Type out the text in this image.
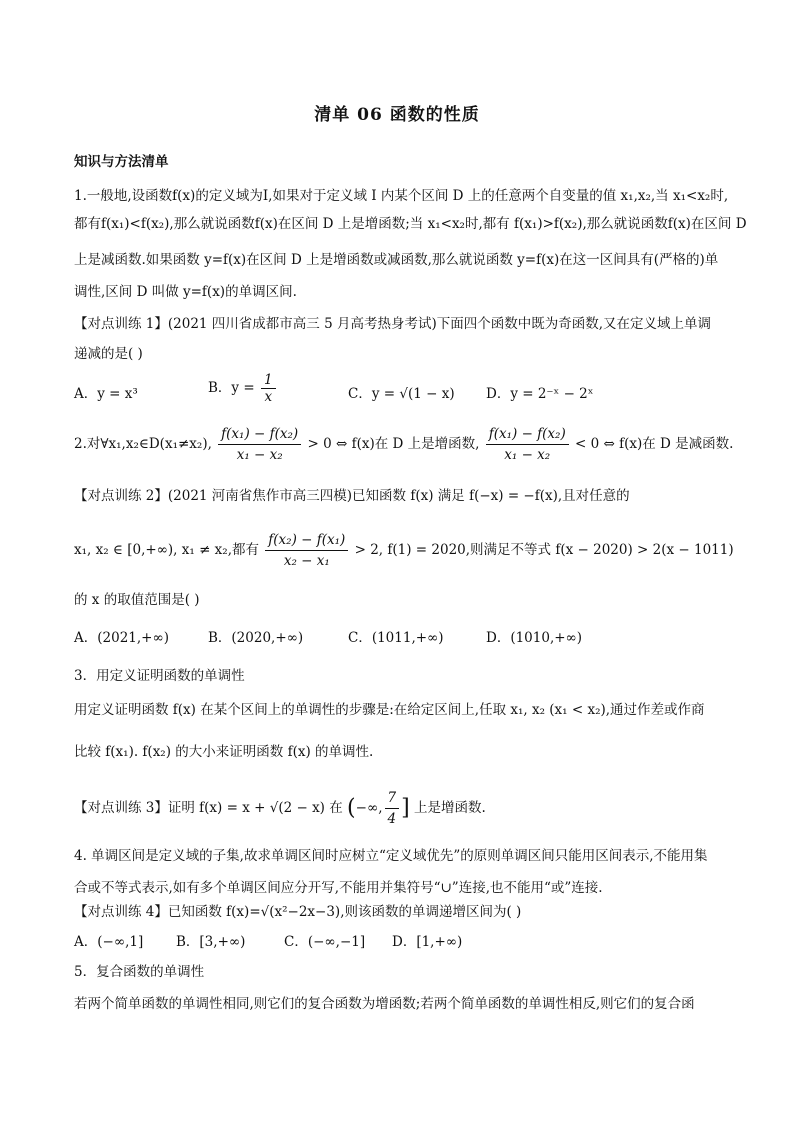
清单 06 函数的性质
知识与方法清单
1.一般地,设函数f(x)的定义域为I,如果对于定义域 I 内某个区间 D 上的任意两个自变量的值 x₁,x₂,当 x₁<x₂时,
都有f(x₁)<f(x₂),那么就说函数f(x)在区间 D 上是增函数;当 x₁<x₂时,都有 f(x₁)>f(x₂),那么就说函数f(x)在区间 D
上是减函数.如果函数 y=f(x)在区间 D 上是增函数或减函数,那么就说函数 y=f(x)在这一区间具有(严格的)单
调性,区间 D 叫做 y=f(x)的单调区间.
【对点训练 1】(2021 四川省成都市高三 5 月高考热身考试)下面四个函数中既为奇函数,又在定义域上单调
递减的是( )
A．y = x³	B．$y = \frac{1}{x}$	C．y = √(1 − x) D．y = 2⁻ˣ − 2ˣ
2.对∀x₁,x₂∈D(x₁≠x₂), $\frac{\text{f(x₁) − f(x₂)}}{\text{x₁ − x₂}} > 0$ ⇔ f(x)在 D 上是增函数, $\frac{\text{f(x₁) − f(x₂)}}{\text{x₁ − x₂}} < 0$ ⇔ f(x)在 D 是减函数.
【对点训练 2】(2021 河南省焦作市高三四模)已知函数 f(x) 满足 f(−x) = −f(x),且对任意的
x₁, x₂ ∈ [0,+∞), x₁ ≠ x₂,都有 $\frac{\text{f(x₂) − f(x₁)}}{\text{x₂ − x₁}} > 2$, f(1) = 2020,则满足不等式 f(x − 2020) > 2(x − 1011)
的 x 的取值范围是( )
A．(2021,+∞)	B．(2020,+∞)	C．(1011,+∞)	D．(1010,+∞)
3．用定义证明函数的单调性
用定义证明函数 f(x) 在某个区间上的单调性的步骤是:在给定区间上,任取 x₁, x₂ (x₁ < x₂),通过作差或作商
比较 f(x₁). f(x₂) 的大小来证明函数 f(x) 的单调性.
【对点训练 3】证明 f(x) = x + √(2 − x) 在 (−∞, $\frac{7}{4}$ ] 上是增函数.
4. 单调区间是定义域的子集,故求单调区间时应树立“定义域优先”的原则单调区间只能用区间表示,不能用集
合或不等式表示,如有多个单调区间应分开写,不能用并集符号“∪”连接,也不能用“或”连接.
【对点训练 4】已知函数 f(x)=√(x²−2x−3),则该函数的单调递增区间为( )
A．(−∞,1] B．[3,+∞)	C．(−∞,−1] D．[1,+∞)
5．复合函数的单调性
若两个简单函数的单调性相同,则它们的复合函数为增函数;若两个简单函数的单调性相反,则它们的复合函
